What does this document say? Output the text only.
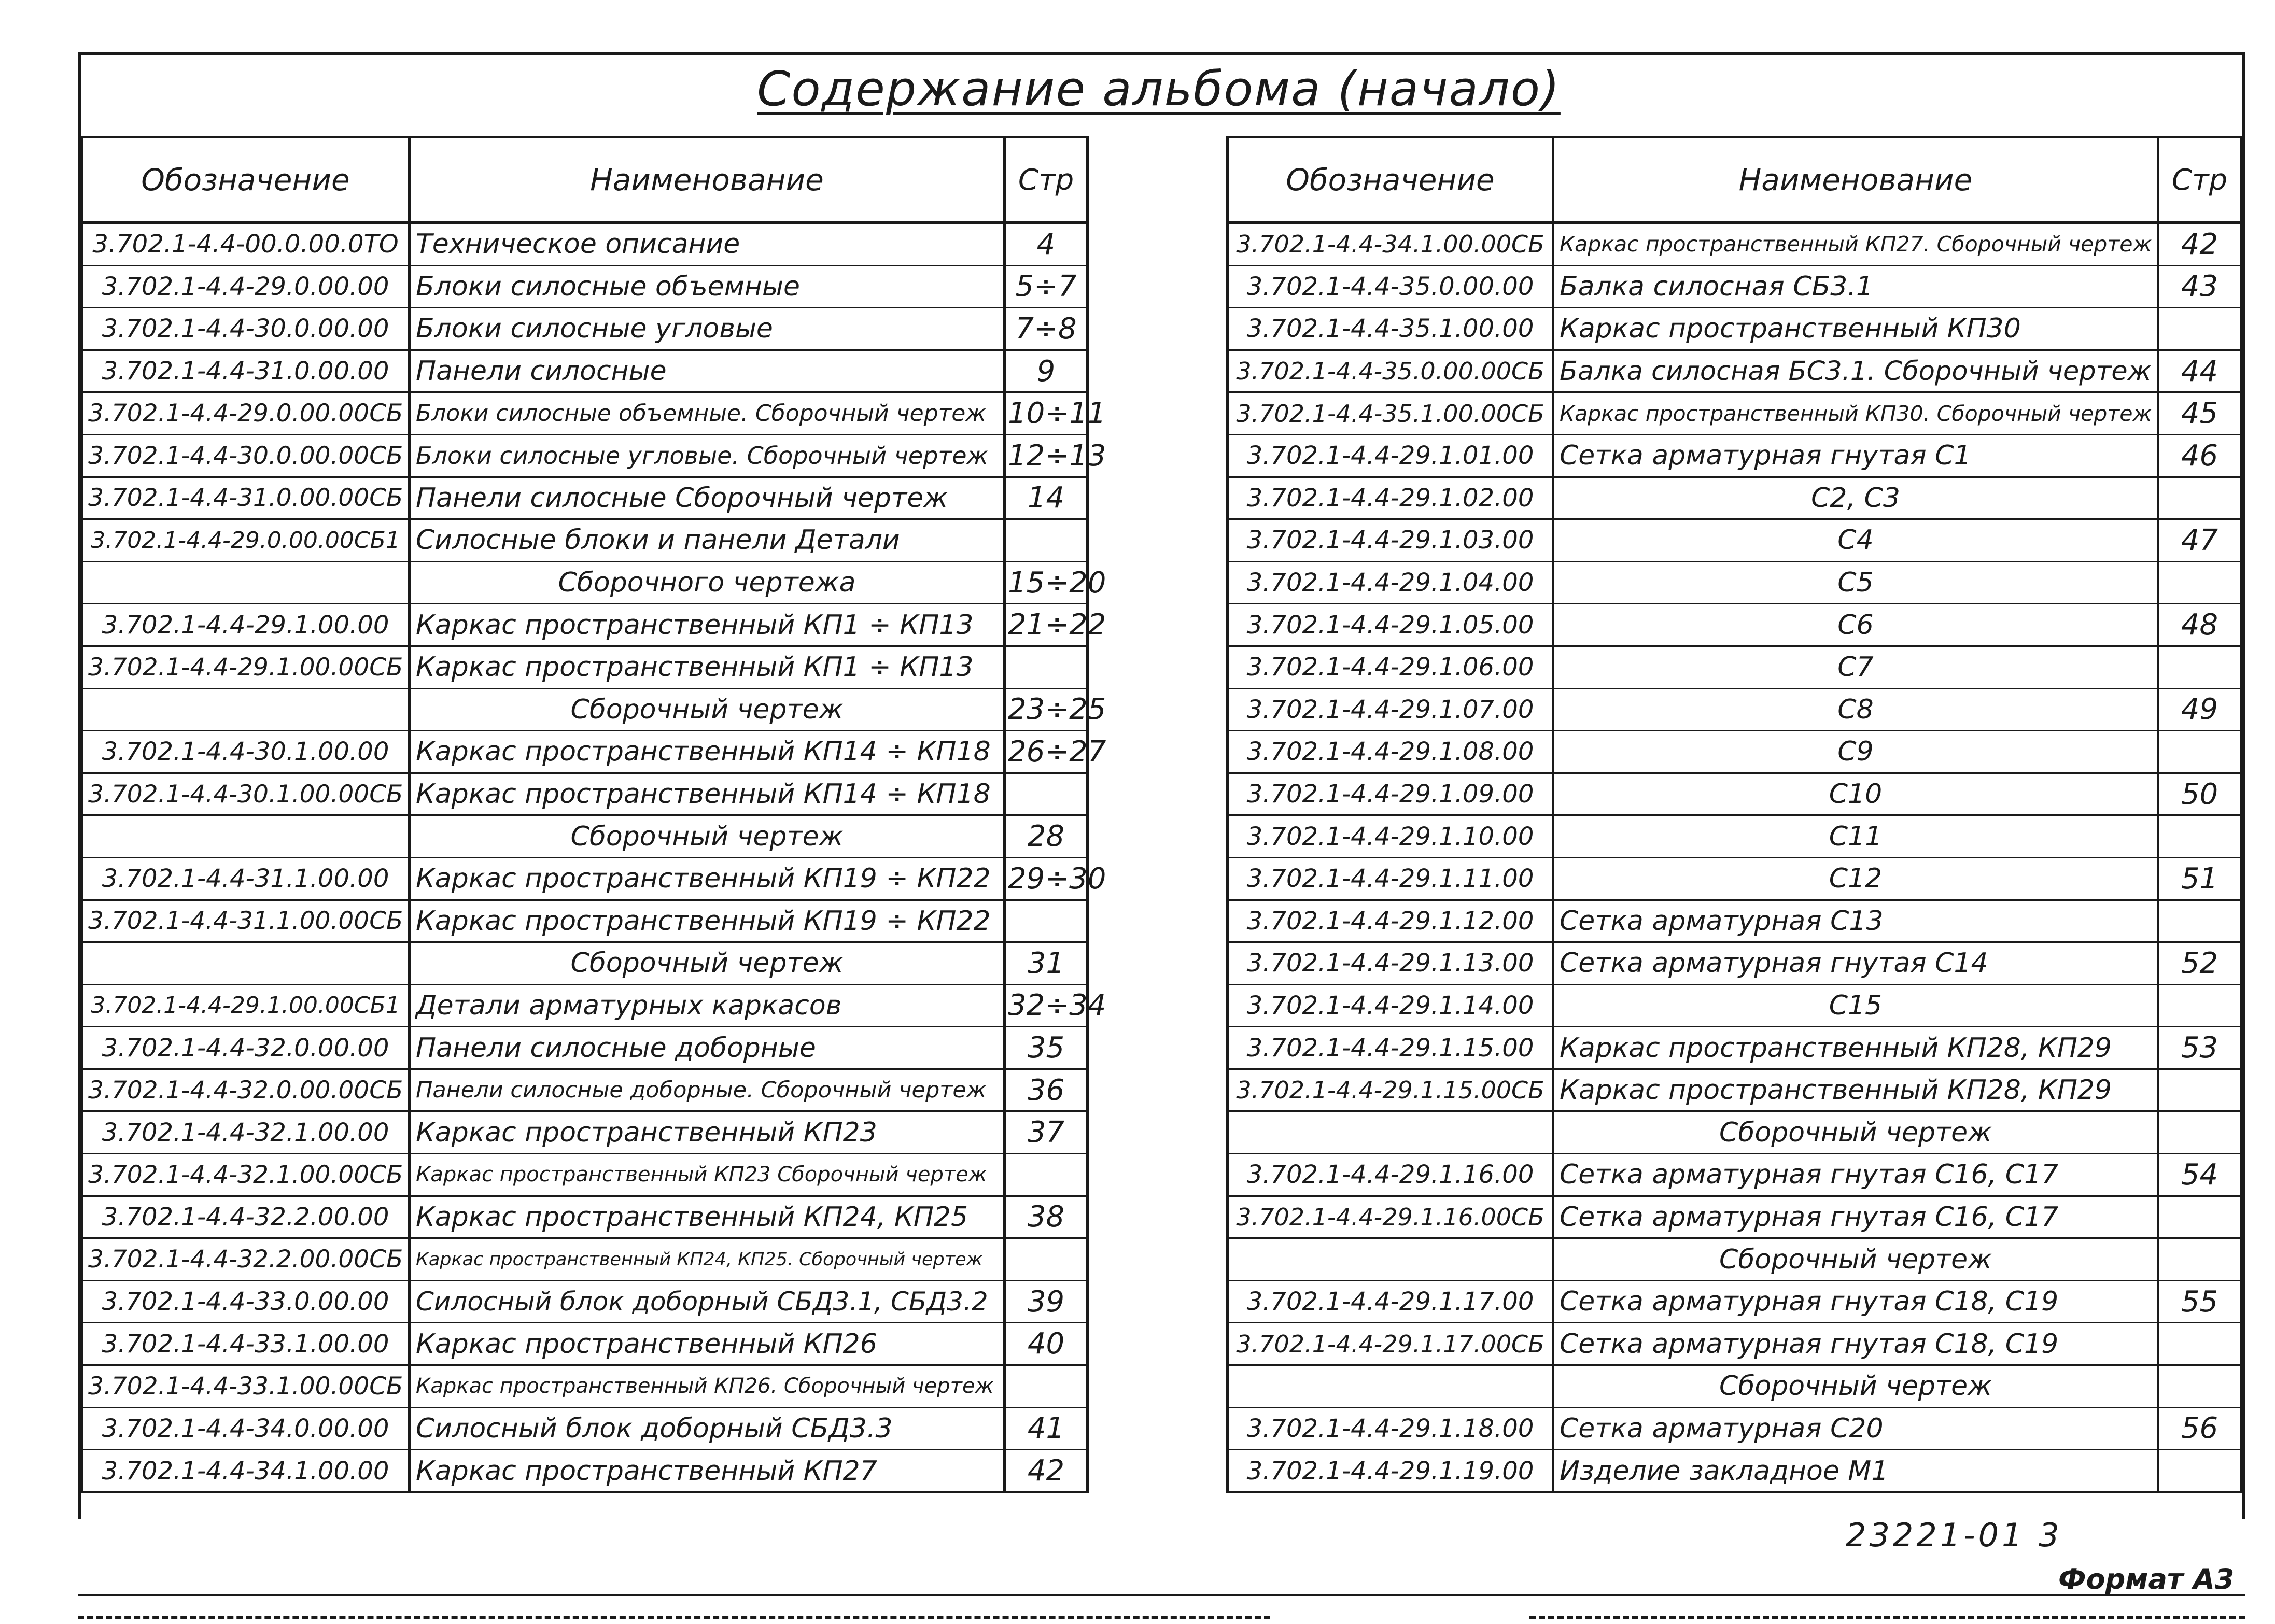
Содержание альбома (начало)
Обозначение	Наименование	Стр
3.702.1-4.4-00.0.00.0ТО	Техническое описание	4
3.702.1-4.4-29.0.00.00	Блоки силосные объемные	5÷7
3.702.1-4.4-30.0.00.00	Блоки силосные угловые	7÷8
3.702.1-4.4-31.0.00.00	Панели силосные	9
3.702.1-4.4-29.0.00.00СБ	Блоки силосные объемные. Сборочный чертеж	10÷11
3.702.1-4.4-30.0.00.00СБ	Блоки силосные угловые. Сборочный чертеж	12÷13
3.702.1-4.4-31.0.00.00СБ	Панели силосные Сборочный чертеж	14
3.702.1-4.4-29.0.00.00СБ1	Силосные блоки и панели Детали	
	Сборочного чертежа	15÷20
3.702.1-4.4-29.1.00.00	Каркас пространственный КП1 ÷ КП13	21÷22
3.702.1-4.4-29.1.00.00СБ	Каркас пространственный КП1 ÷ КП13	
	Сборочный чертеж	23÷25
3.702.1-4.4-30.1.00.00	Каркас пространственный КП14 ÷ КП18	26÷27
3.702.1-4.4-30.1.00.00СБ	Каркас пространственный КП14 ÷ КП18	
	Сборочный чертеж	28
3.702.1-4.4-31.1.00.00	Каркас пространственный КП19 ÷ КП22	29÷30
3.702.1-4.4-31.1.00.00СБ	Каркас пространственный КП19 ÷ КП22	
	Сборочный чертеж	31
3.702.1-4.4-29.1.00.00СБ1	Детали арматурных каркасов	32÷34
3.702.1-4.4-32.0.00.00	Панели силосные доборные	35
3.702.1-4.4-32.0.00.00СБ	Панели силосные доборные. Сборочный чертеж	36
3.702.1-4.4-32.1.00.00	Каркас пространственный КП23	37
3.702.1-4.4-32.1.00.00СБ	Каркас пространственный КП23 Сборочный чертеж	
3.702.1-4.4-32.2.00.00	Каркас пространственный КП24, КП25	38
3.702.1-4.4-32.2.00.00СБ	Каркас пространственный КП24, КП25. Сборочный чертеж	
3.702.1-4.4-33.0.00.00	Силосный блок доборный СБД3.1, СБД3.2	39
3.702.1-4.4-33.1.00.00	Каркас пространственный КП26	40
3.702.1-4.4-33.1.00.00СБ	Каркас пространственный КП26. Сборочный чертеж	
3.702.1-4.4-34.0.00.00	Силосный блок доборный СБД3.3	41
3.702.1-4.4-34.1.00.00	Каркас пространственный КП27	42
Обозначение	Наименование	Стр
3.702.1-4.4-34.1.00.00СБ	Каркас пространственный КП27. Сборочный чертеж	42
3.702.1-4.4-35.0.00.00	Балка силосная СБ3.1	43
3.702.1-4.4-35.1.00.00	Каркас пространственный КП30	
3.702.1-4.4-35.0.00.00СБ	Балка силосная БС3.1. Сборочный чертеж	44
3.702.1-4.4-35.1.00.00СБ	Каркас пространственный КП30. Сборочный чертеж	45
3.702.1-4.4-29.1.01.00	Сетка арматурная гнутая С1	46
3.702.1-4.4-29.1.02.00	С2, С3	
3.702.1-4.4-29.1.03.00	С4	47
3.702.1-4.4-29.1.04.00	С5	
3.702.1-4.4-29.1.05.00	С6	48
3.702.1-4.4-29.1.06.00	С7	
3.702.1-4.4-29.1.07.00	С8	49
3.702.1-4.4-29.1.08.00	С9	
3.702.1-4.4-29.1.09.00	С10	50
3.702.1-4.4-29.1.10.00	С11	
3.702.1-4.4-29.1.11.00	С12	51
3.702.1-4.4-29.1.12.00	Сетка арматурная С13	
3.702.1-4.4-29.1.13.00	Сетка арматурная гнутая С14	52
3.702.1-4.4-29.1.14.00	С15	
3.702.1-4.4-29.1.15.00	Каркас пространственный КП28, КП29	53
3.702.1-4.4-29.1.15.00СБ	Каркас пространственный КП28, КП29	
	Сборочный чертеж	
3.702.1-4.4-29.1.16.00	Сетка арматурная гнутая С16, С17	54
3.702.1-4.4-29.1.16.00СБ	Сетка арматурная гнутая С16, С17	
	Сборочный чертеж	
3.702.1-4.4-29.1.17.00	Сетка арматурная гнутая С18, С19	55
3.702.1-4.4-29.1.17.00СБ	Сетка арматурная гнутая С18, С19	
	Сборочный чертеж	
3.702.1-4.4-29.1.18.00	Сетка арматурная С20	56
3.702.1-4.4-29.1.19.00	Изделие закладное М1	
23221-01 3
Формат А3
